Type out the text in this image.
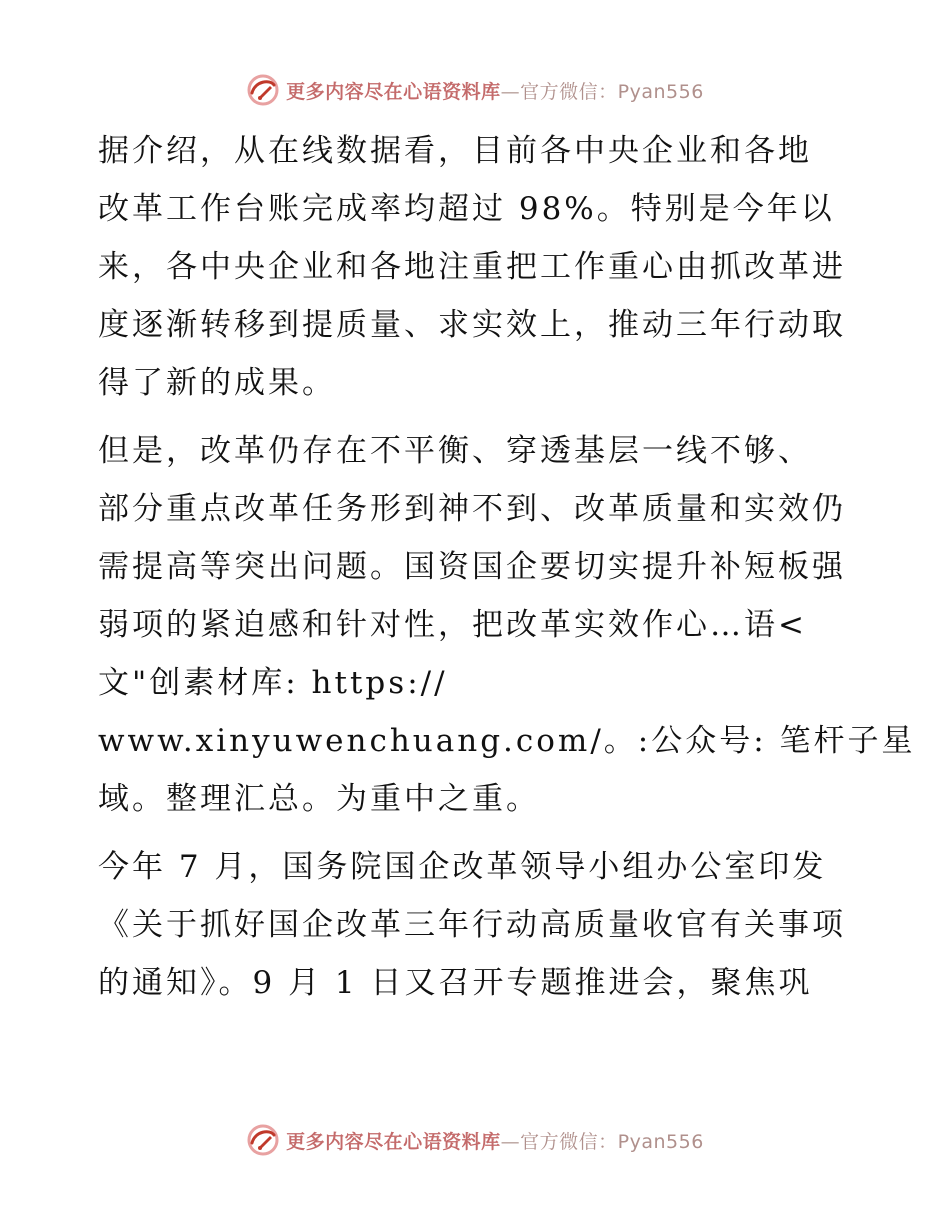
更多内容尽在心语资料库—官方微信：Pyan556
据介绍，从在线数据看，目前各中央企业和各地
改革工作台账完成率均超过 98%。特别是今年以
来，各中央企业和各地注重把工作重心由抓改革进
度逐渐转移到提质量、求实效上，推动三年行动取
得了新的成果。
但是，改革仍存在不平衡、穿透基层一线不够、
部分重点改革任务形到神不到、改革质量和实效仍
需提高等突出问题。国资国企要切实提升补短板强
弱项的紧迫感和针对性，把改革实效作心…语<
文"创素材库: https://
www.xinyuwenchuang.com/。:公众号: 笔杆子星
域。整理汇总。为重中之重。
今年 7 月，国务院国企改革领导小组办公室印发
《关于抓好国企改革三年行动高质量收官有关事项
的通知》。9 月 1 日又召开专题推进会，聚焦巩
更多内容尽在心语资料库—官方微信：Pyan556
